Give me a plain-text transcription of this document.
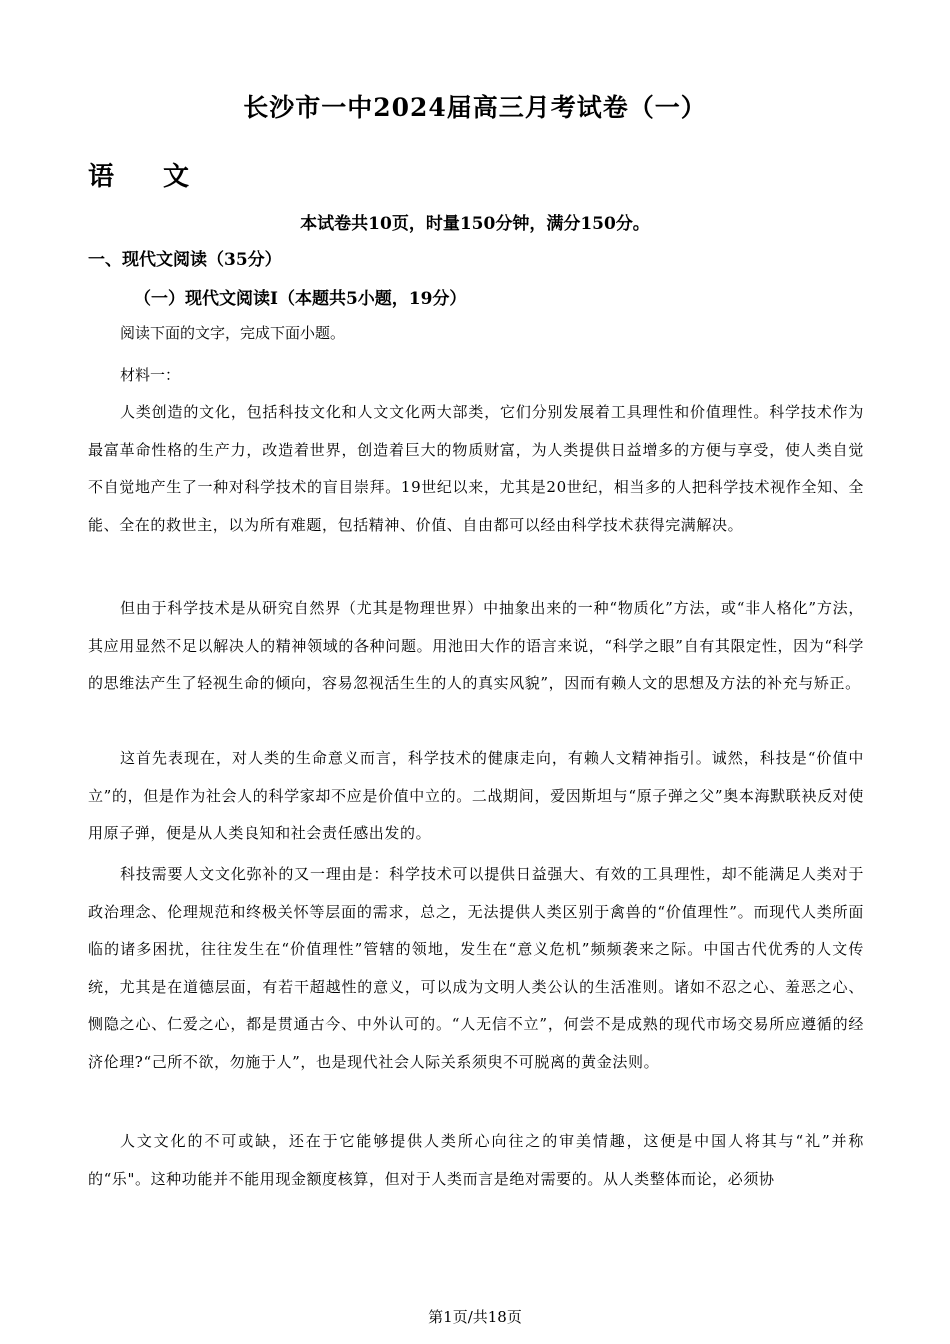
长沙市一中2024届高三月考试卷（一）
语 文
本试卷共10页，时量150分钟，满分150分。
一、现代文阅读（35分）
（一）现代文阅读Ⅰ（本题共5小题，19分）
阅读下面的文字，完成下面小题。
材料一：

人类创造的文化，包括科技文化和人文文化两大部类，它们分别发展着工具理性和价值理性。科学技术作为最富革命性格的生产力，改造着世界，创造着巨大的物质财富，为人类提供日益增多的方便与享受，使人类自觉不自觉地产生了一种对科学技术的盲目崇拜。19世纪以来，尤其是20世纪，相当多的人把科学技术视作全知、全能、全在的救世主，以为所有难题，包括精神、价值、自由都可以经由科学技术获得完满解决。

但由于科学技术是从研究自然界（尤其是物理世界）中抽象出来的一种“物质化”方法，或“非人格化”方法，其应用显然不足以解决人的精神领域的各种问题。用池田大作的语言来说，“科学之眼”自有其限定性，因为“科学的思维法产生了轻视生命的倾向，容易忽视活生生的人的真实风貌”，因而有赖人文的思想及方法的补充与矫正。

这首先表现在，对人类的生命意义而言，科学技术的健康走向，有赖人文精神指引。诚然，科技是“价值中立”的，但是作为社会人的科学家却不应是价值中立的。二战期间，爱因斯坦与“原子弹之父”奥本海默联袂反对使用原子弹，便是从人类良知和社会责任感出发的。

科技需要人文文化弥补的又一理由是：科学技术可以提供日益强大、有效的工具理性，却不能满足人类对于政治理念、伦理规范和终极关怀等层面的需求，总之，无法提供人类区别于禽兽的“价值理性”。而现代人类所面临的诸多困扰，往往发生在“价值理性”管辖的领地，发生在“意义危机”频频袭来之际。中国古代优秀的人文传统，尤其是在道德层面，有若干超越性的意义，可以成为文明人类公认的生活准则。诸如不忍之心、羞恶之心、恻隐之心、仁爱之心，都是贯通古今、中外认可的。“人无信不立”，何尝不是成熟的现代市场交易所应遵循的经济伦理?“己所不欲，勿施于人”，也是现代社会人际关系须臾不可脱离的黄金法则。

人文文化的不可或缺，还在于它能够提供人类所心向往之的审美情趣，这便是中国人将其与“礼”并称的“乐"。这种功能并不能用现金额度核算，但对于人类而言是绝对需要的。从人类整体而论，必须协

第1页/共18页
